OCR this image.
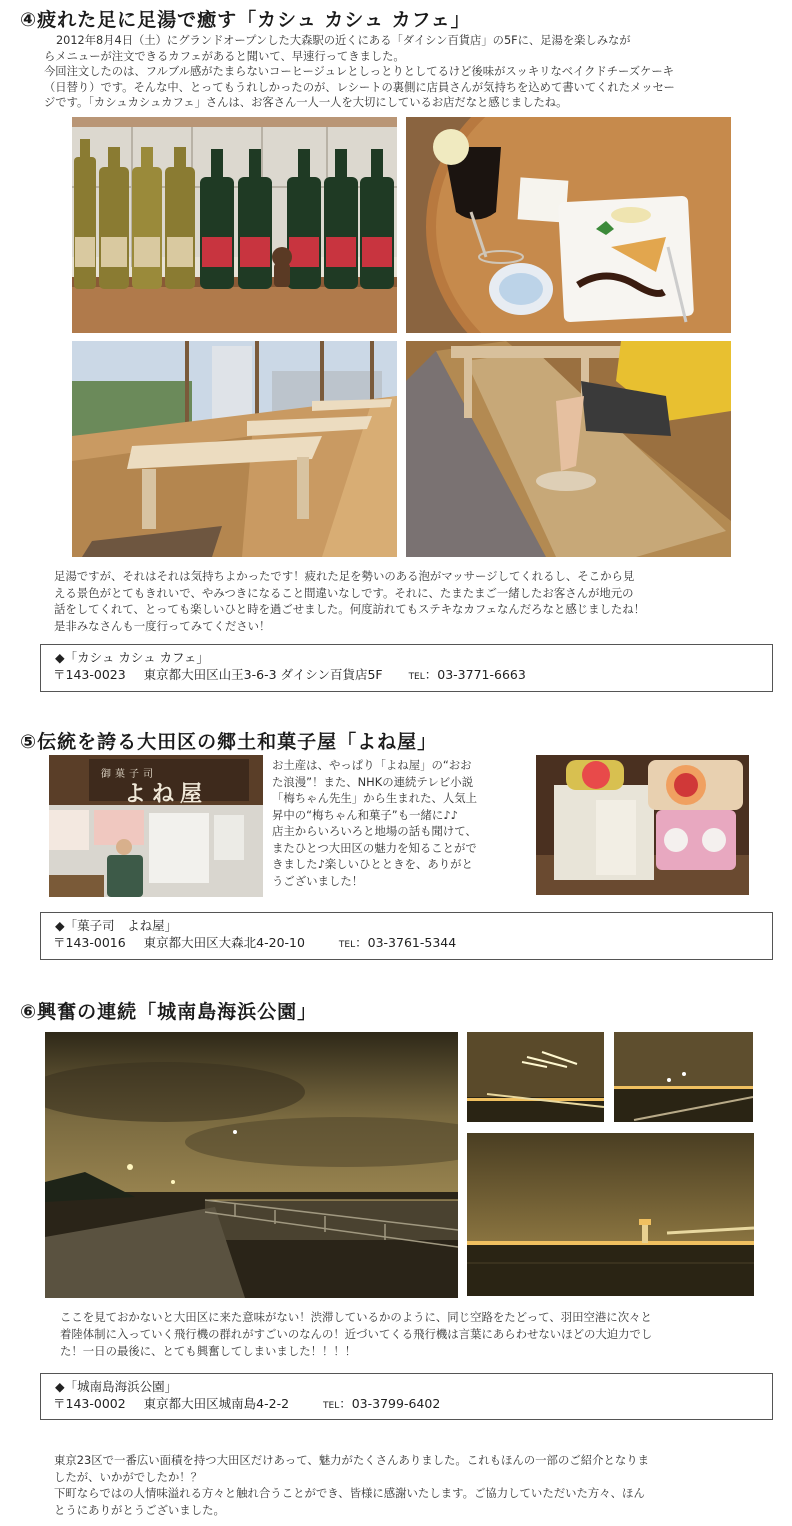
④疲れた足に足湯で癒す「カシュ カシュ カフェ」

2012年8月4日（土）にグランドオープンした大森駅の近くにある「ダイシン百貨店」の5Fに、足湯を楽しみなが

らメニューが注文できるカフェがあると聞いて、早速行ってきました。

今回注文したのは、フルブル感がたまらないコーヒージュレとしっとりとしてるけど後味がスッキリなベイクドチーズケーキ

（日替り）です。そんな中、とってもうれしかったのが、レシートの裏側に店員さんが気持ちを込めて書いてくれたメッセー

ジです。「カシュカシュカフェ」さんは、お客さん一人一人を大切にしているお店だなと感じましたね。

足湯ですが、それはそれは気持ちよかったです！疲れた足を勢いのある泡がマッサージしてくれるし、そこから見

える景色がとてもきれいで、やみつきになること間違いなしです。それに、たまたまご一緒したお客さんが地元の

話をしてくれて、とっても楽しいひと時を過ごせました。何度訪れてもステキなカフェなんだろなと感じましたね！

是非みなさんも一度行ってみてください！

◆「カシュ カシュ カフェ」
〒143-0023 東京都大田区山王3-6-3 ダイシン百貨店5F	TEL：03-3771-6663
⑤伝統を誇る大田区の郷土和菓子屋「よね屋」
御菓子司
よね屋

お土産は、やっぱり「よね屋」の“おお

た浪漫”！また、NHKの連続テレビ小説

「梅ちゃん先生」から生まれた、人気上

昇中の“梅ちゃん和菓子”も一緒に♪♪

店主からいろいろと地場の話も聞けて、

またひとつ大田区の魅力を知ることがで

きました♪楽しいひとときを、ありがと

うございました！

◆「菓子司　よね屋」
〒143-0016 東京都大田区大森北4-20-10	TEL：03-3761-5344
⑥興奮の連続「城南島海浜公園」

ここを見ておかないと大田区に来た意味がない！渋滞しているかのように、同じ空路をたどって、羽田空港に次々と

着陸体制に入っていく飛行機の群れがすごいのなんの！近づいてくる飛行機は言葉にあらわせないほどの大迫力でし

た！一日の最後に、とても興奮してしまいました！！！！

◆「城南島海浜公園」
〒143-0002 東京都大田区城南島4-2-2	TEL：03-3799-6402

東京23区で一番広い面積を持つ大田区だけあって、魅力がたくさんありました。これもほんの一部のご紹介となりま

したが、いかがでしたか！？

下町ならではの人情味溢れる方々と触れ合うことができ、皆様に感謝いたします。ご協力していただいた方々、ほん

とうにありがとうございました。
